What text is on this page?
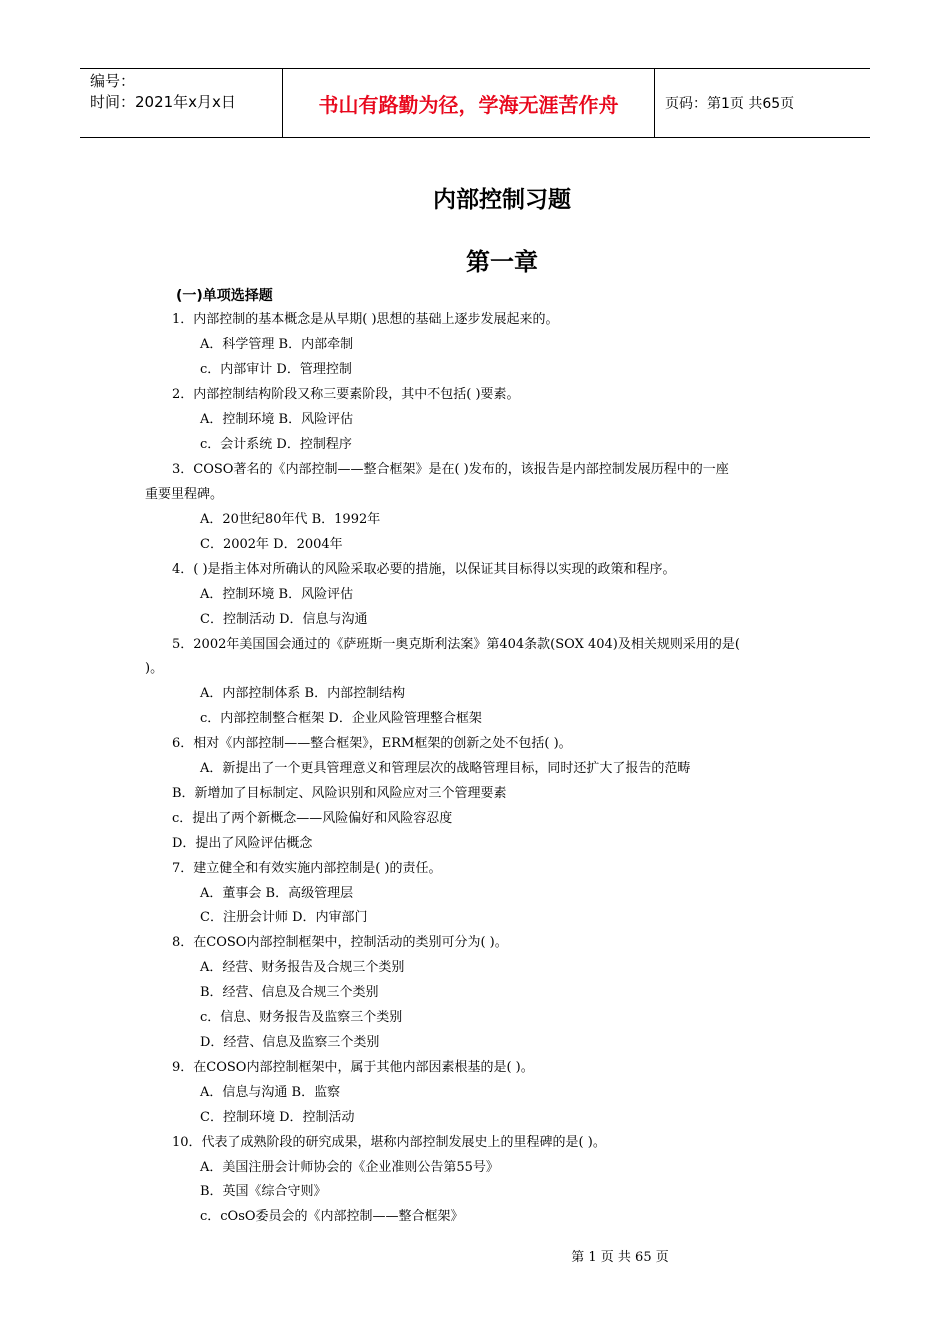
编号：
时间：2021年x月x日	书山有路勤为径，学海无涯苦作舟	页码：第1页 共65页
内部控制习题
第一章
(一)单项选择题
1．内部控制的基本概念是从早期( )思想的基础上逐步发展起来的。
A．科学管理 B．内部牵制
c．内部审计 D．管理控制
2．内部控制结构阶段又称三要素阶段，其中不包括( )要素。
A．控制环境 B．风险评估
c．会计系统 D．控制程序
3．COSO著名的《内部控制——整合框架》是在( )发布的，该报告是内部控制发展历程中的一座
重要里程碑。
A．20世纪80年代 B．1992年
C．2002年 D．2004年
4．( )是指主体对所确认的风险采取必要的措施，以保证其目标得以实现的政策和程序。
A．控制环境 B．风险评估
C．控制活动 D．信息与沟通
5．2002年美国国会通过的《萨班斯一奥克斯利法案》第404条款(SOX 404)及相关规则采用的是(
)。
A．内部控制体系 B．内部控制结构
c．内部控制整合框架 D．企业风险管理整合框架
6．相对《内部控制——整合框架》，ERM框架的创新之处不包括( )。
A．新提出了一个更具管理意义和管理层次的战略管理目标，同时还扩大了报告的范畴
B．新增加了目标制定、风险识别和风险应对三个管理要素
c．提出了两个新概念——风险偏好和风险容忍度
D．提出了风险评估概念
7．建立健全和有效实施内部控制是( )的责任。
A．董事会 B．高级管理层
C．注册会计师 D．内审部门
8．在COSO内部控制框架中，控制活动的类别可分为( )。
A．经营、财务报告及合规三个类别
B．经营、信息及合规三个类别
c．信息、财务报告及监察三个类别
D．经营、信息及监察三个类别
9．在COSO内部控制框架中，属于其他内部因素根基的是( )。
A．信息与沟通 B．监察
C．控制环境 D．控制活动
10．代表了成熟阶段的研究成果，堪称内部控制发展史上的里程碑的是( )。
A．美国注册会计师协会的《企业准则公告第55号》
B．英国《综合守则》
c．cOsO委员会的《内部控制——整合框架》
第 1 页 共 65 页
